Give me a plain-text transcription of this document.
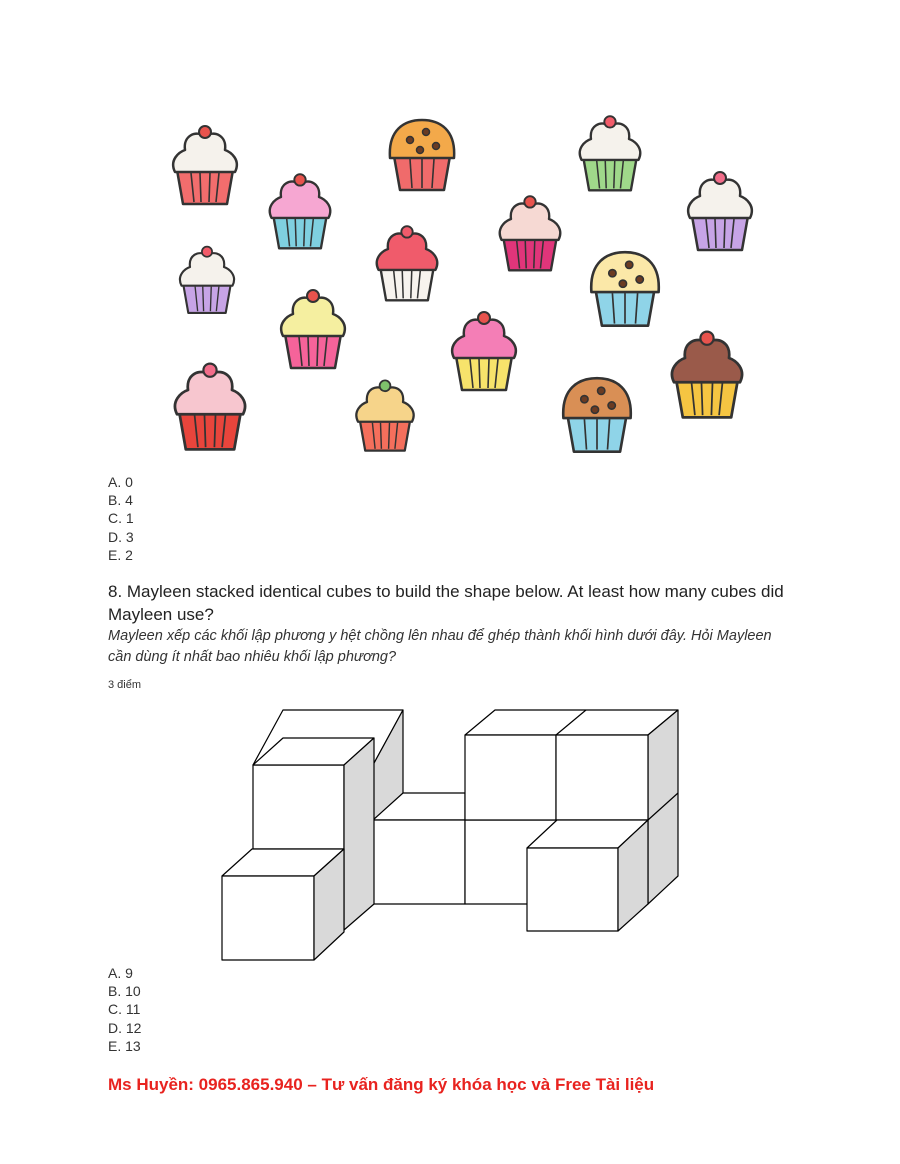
A. 0
B. 4
C. 1
D. 3
E. 2
8. Mayleen stacked identical cubes to build the shape below. At least how many cubes did Mayleen use?
Mayleen xếp các khối lập phương y hệt chồng lên nhau để ghép thành khối hình dưới đây. Hỏi Mayleen cần dùng ít nhất bao nhiêu khối lập phương?
3 điểm
A. 9
B. 10
C. 11
D. 12
E. 13
Ms Huyền: 0965.865.940 – Tư vấn đăng ký khóa học và Free Tài liệu
